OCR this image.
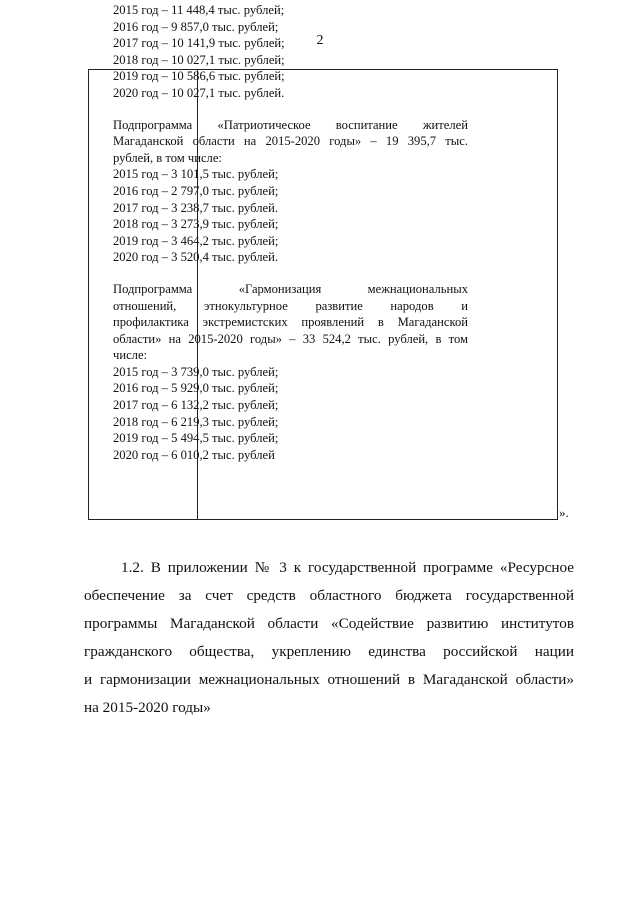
2
2015 год – 11 448,4 тыс. рублей;
2016 год – 9 857,0 тыс. рублей;
2017 год – 10 141,9 тыс. рублей;
2018 год – 10 027,1 тыс. рублей;
2019 год – 10 586,6 тыс. рублей;
2020 год – 10 027,1 тыс. рублей.
Подпрограмма «Патриотическое воспитание жителей
Магаданской области на 2015-2020 годы» – 19 395,7 тыс.
рублей, в том числе:
2015 год – 3 101,5 тыс. рублей;
2016 год – 2 797,0 тыс. рублей;
2017 год – 3 238,7 тыс. рублей.
2018 год – 3 273,9 тыс. рублей;
2019 год – 3 464,2 тыс. рублей;
2020 год – 3 520,4 тыс. рублей.
Подпрограмма «Гармонизация межнациональных
отношений, этнокультурное развитие народов и
профилактика экстремистских проявлений в Магаданской
области» на 2015-2020 годы» – 33 524,2 тыс. рублей, в том
числе:
2015 год – 3 739,0 тыс. рублей;
2016 год – 5 929,0 тыс. рублей;
2017 год – 6 132,2 тыс. рублей;
2018 год – 6 219,3 тыс. рублей;
2019 год – 5 494,5 тыс. рублей;
2020 год – 6 010,2 тыс. рублей
».
1.2. В приложении № 3 к государственной программе «Ресурсное
обеспечение за счет средств областного бюджета государственной
программы Магаданской области «Содействие развитию институтов
гражданского общества, укреплению единства российской нации
и гармонизации межнациональных отношений в Магаданской области»
на 2015-2020 годы»
